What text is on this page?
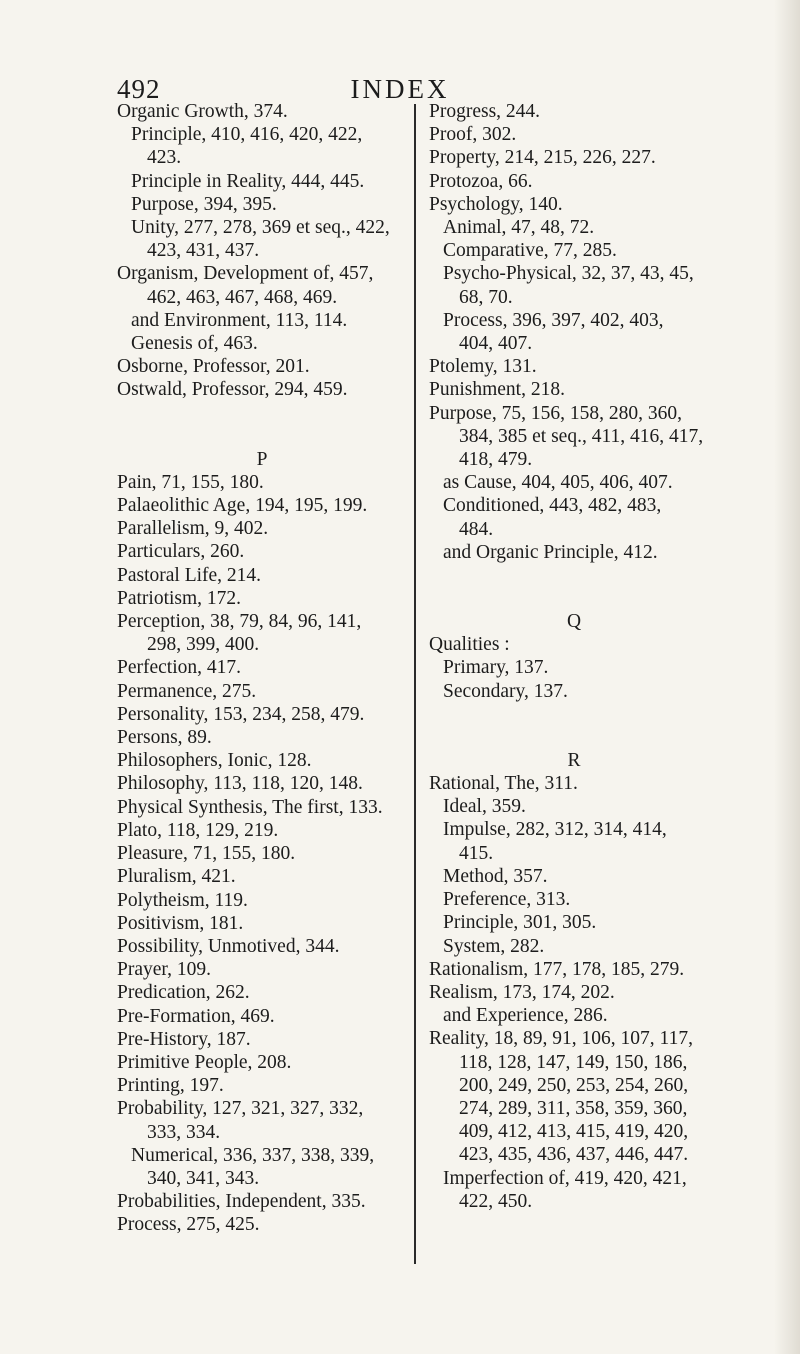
492	INDEX
Organic Growth, 374.
Principle, 410, 416, 420, 422,
423.
Principle in Reality, 444, 445.
Purpose, 394, 395.
Unity, 277, 278, 369 et seq., 422,
423, 431, 437.
Organism, Development of, 457,
462, 463, 467, 468, 469.
and Environment, 113, 114.
Genesis of, 463.
Osborne, Professor, 201.
Ostwald, Professor, 294, 459.
P
Pain, 71, 155, 180.
Palaeolithic Age, 194, 195, 199.
Parallelism, 9, 402.
Particulars, 260.
Pastoral Life, 214.
Patriotism, 172.
Perception, 38, 79, 84, 96, 141,
298, 399, 400.
Perfection, 417.
Permanence, 275.
Personality, 153, 234, 258, 479.
Persons, 89.
Philosophers, Ionic, 128.
Philosophy, 113, 118, 120, 148.
Physical Synthesis, The first, 133.
Plato, 118, 129, 219.
Pleasure, 71, 155, 180.
Pluralism, 421.
Polytheism, 119.
Positivism, 181.
Possibility, Unmotived, 344.
Prayer, 109.
Predication, 262.
Pre-Formation, 469.
Pre-History, 187.
Primitive People, 208.
Printing, 197.
Probability, 127, 321, 327, 332,
333, 334.
Numerical, 336, 337, 338, 339,
340, 341, 343.
Probabilities, Independent, 335.
Process, 275, 425.
Progress, 244.
Proof, 302.
Property, 214, 215, 226, 227.
Protozoa, 66.
Psychology, 140.
Animal, 47, 48, 72.
Comparative, 77, 285.
Psycho-Physical, 32, 37, 43, 45,
68, 70.
Process, 396, 397, 402, 403,
404, 407.
Ptolemy, 131.
Punishment, 218.
Purpose, 75, 156, 158, 280, 360,
384, 385 et seq., 411, 416, 417,
418, 479.
as Cause, 404, 405, 406, 407.
Conditioned, 443, 482, 483,
484.
and Organic Principle, 412.
Q
Qualities :
Primary, 137.
Secondary, 137.
R
Rational, The, 311.
Ideal, 359.
Impulse, 282, 312, 314, 414,
415.
Method, 357.
Preference, 313.
Principle, 301, 305.
System, 282.
Rationalism, 177, 178, 185, 279.
Realism, 173, 174, 202.
and Experience, 286.
Reality, 18, 89, 91, 106, 107, 117,
118, 128, 147, 149, 150, 186,
200, 249, 250, 253, 254, 260,
274, 289, 311, 358, 359, 360,
409, 412, 413, 415, 419, 420,
423, 435, 436, 437, 446, 447.
Imperfection of, 419, 420, 421,
422, 450.
